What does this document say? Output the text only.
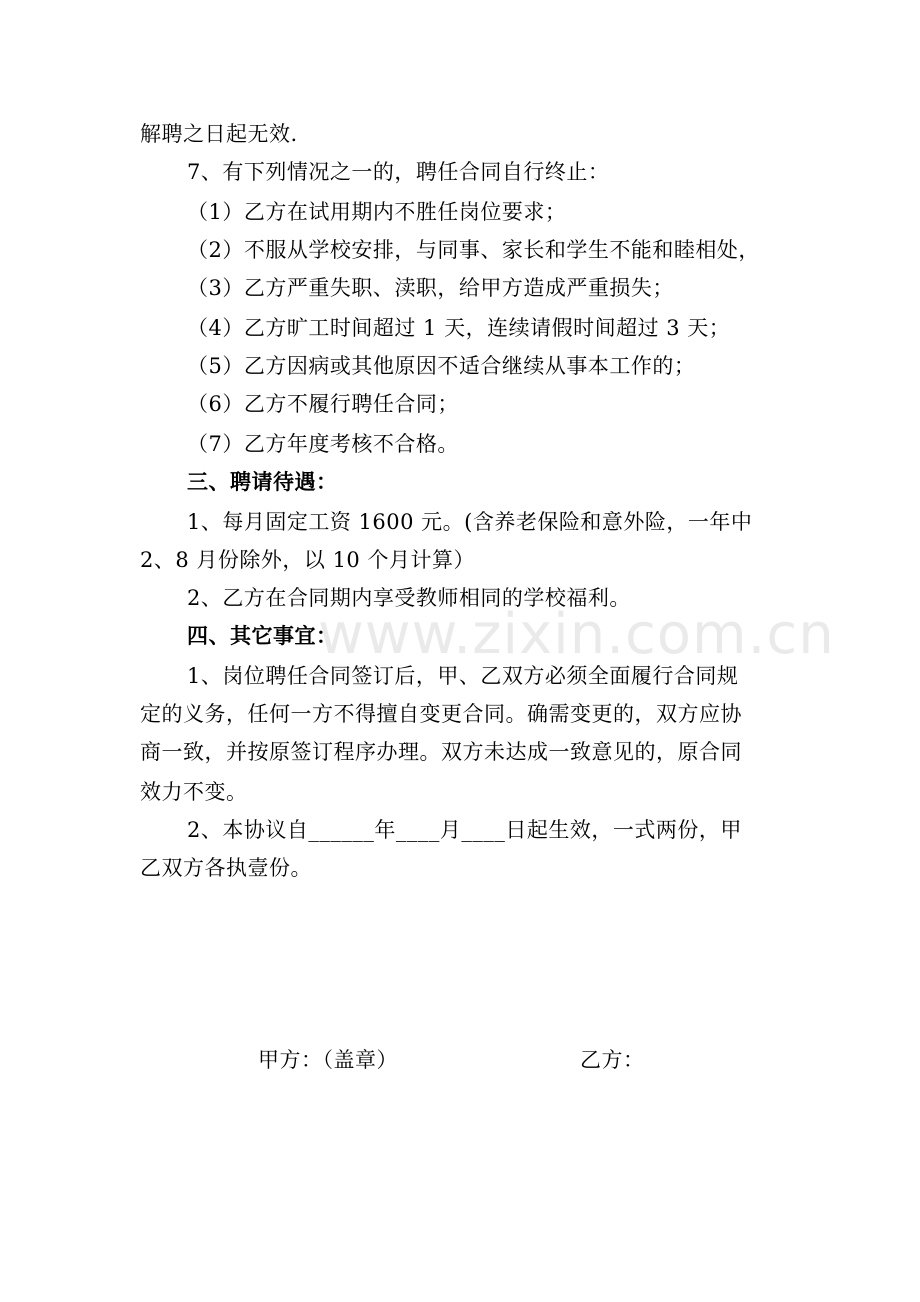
www.zixin.com.cn
解聘之日起无效.
7、有下列情况之一的，聘任合同自行终止：
（1）乙方在试用期内不胜任岗位要求；
（2）不服从学校安排，与同事、家长和学生不能和睦相处，
（3）乙方严重失职、渎职，给甲方造成严重损失；
（4）乙方旷工时间超过 1 天，连续请假时间超过 3 天；
（5）乙方因病或其他原因不适合继续从事本工作的；
（6）乙方不履行聘任合同；
（7）乙方年度考核不合格。
三、聘请待遇：
1、每月固定工资 1600 元。(含养老保险和意外险，一年中
2、8 月份除外，以 10 个月计算）
2、乙方在合同期内享受教师相同的学校福利。
四、其它事宜：
1、岗位聘任合同签订后，甲、乙双方必须全面履行合同规
定的义务，任何一方不得擅自变更合同。确需变更的，双方应协
商一致，并按原签订程序办理。双方未达成一致意见的，原合同
效力不变。
2、本协议自______年____月____日起生效，一式两份，甲
乙双方各执壹份。
甲方：（盖章）	乙方：
